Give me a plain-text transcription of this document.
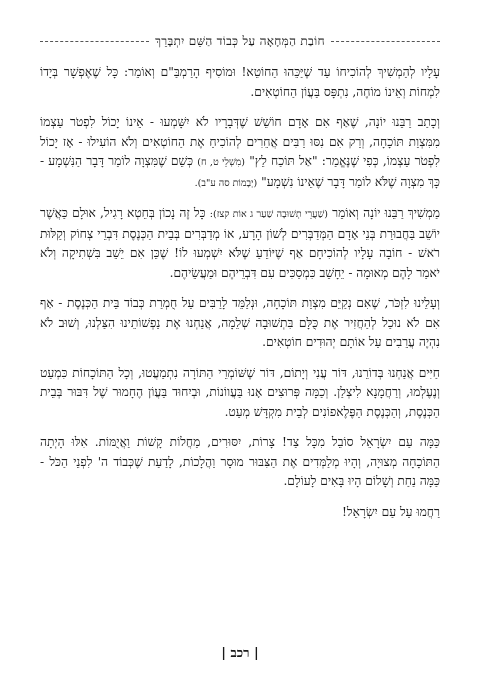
חוֹבַת הַמְּחָאָה עַל כְּבוֹד הַשֵּׁם יִתְבָּרֵךְ

עָלָיו לְהַמְשִׁיךְ לְהוֹכִיחוֹ עַד שֶׁיַּכֵּהוּ הַחוֹטֵא! וּמוֹסִיף הָרַמְבַּ"ם וְאוֹמֵר: כָּל שֶׁאֶפְשָׁר בְּיָדוֹ לִמְחוֹת וְאֵינוֹ מוֹחֶה, נִתְפָּס בַּעֲוֹן הַחוֹטְאִים.

וְכָתַב רַבֵּנוּ יוֹנָה, שֶׁאַף אִם אָדָם חוֹשֵׁשׁ שֶׁדְּבָרָיו לֹא יִשָּׁמְעוּ - אֵינוֹ יָכוֹל לִפְטֹר עַצְמוֹ מִמִּצְוַת תּוֹכָחָה, וְרַק אִם נִסּוּ רַבִּים אֲחֵרִים לְהוֹכִיחַ אֶת הַחוֹטְאִים וְלֹא הוֹעִילוּ - אָז יָכוֹל לִפְטֹר עַצְמוֹ, כְּפִי שֶׁנֶּאֱמַר: "אַל תּוֹכַח לֵץ" (מִשְׁלֵי ט, ח) כְּשֵׁם שֶׁמִּצְוָה לוֹמַר דָּבָר הַנִּשְׁמָע - כָּךְ מִצְוָה שֶׁלֹּא לוֹמַר דָּבָר שֶׁאֵינוֹ נִשְׁמָע" (יְבָמוֹת סה ע"ב).

מַמְשִׁיךְ רַבֵּנוּ יוֹנָה וְאוֹמֵר (שַׁעֲרֵי תְשׁוּבָה שַׁעַר ג אוֹת קצז): כָּל זֶה נָכוֹן בְּחֵטְא רָגִיל, אוּלָם כַּאֲשֶׁר יוֹשֵׁב בַּחֲבוּרַת בְּנֵי אָדָם הַמְּדַבְּרִים לְשׁוֹן הָרָע, אוֹ מְדַבְּרִים בְּבֵית הַכְּנֶסֶת דִּבְרֵי צְחוֹק וְקַלּוּת רֹאשׁ - חוֹבָה עָלָיו לְהוֹכִיחָם אַף שֶׁיּוֹדֵעַ שֶׁלֹּא יִשְׁמְעוּ לוֹ! שֶׁכֵּן אִם יֵשֵׁב בִּשְׁתִיקָה וְלֹא יֹאמַר לָהֶם מְאוּמָה - יֵחָשֵׁב כִּמְסַכִּים עִם דִּבְרֵיהֶם וּמַעֲשֵׂיהֶם.

וְעָלֵינוּ לִזְכֹּר, שֶׁאִם נְקַיֵּם מִצְוַת תּוֹכָחָה, וּנְלַמֵּד לָרַבִּים עַל חֻמְרַת כְּבוֹד בֵּית הַכְּנֶסֶת - אַף אִם לֹא נוּכַל לְהַחֲזִיר אֶת כֻּלָּם בִּתְשׁוּבָה שְׁלֵמָה, אֲנַחְנוּ אֶת נַפְשׁוֹתֵינוּ הִצַּלְנוּ, וְשׁוּב לֹא נִהְיֶה עֲרֵבִים עַל אוֹתָם יְהוּדִים חוֹטְאִים.

חַיִּים אֲנַחְנוּ בְּדוֹרֵנוּ, דּוֹר עֲנִי וְיָתוֹם, דּוֹר שֶׁשּׁוֹמְרֵי הַתּוֹרָה נִתְמַעֲטוּ, וְכָל הַתּוֹכָחוֹת כִּמְעַט וְנֶעֶלְמוּ, וְרַחֲמָנָא לִיצְלַן. וְכַמָּה פְּרוּצִים אָנוּ בַּעֲווֹנוֹת, וּבְיִחוּד בַּעֲוֹן הֶחָמוּר שֶׁל דִּבּוּר בְּבֵית הַכְּנֶסֶת, וְהַכְּנֶסֶת הַפֶּלֶאפוֹנִים לְבֵית מִקְדָּשׁ מְעַט.

כַּמָּה עַם יִשְׂרָאֵל סוֹבֵל מִכָּל צַד! צָרוֹת, יִסּוּרִים, מַחֲלוֹת קָשׁוֹת וַאֲיֻמּוֹת. אִלּוּ הָיְתָה הַתּוֹכָחָה מְצוּיָה, וְהָיוּ מְלַמְּדִים אֶת הַצִּבּוּר מוּסָר וַהֲלָכוֹת, לָדַעַת שֶׁכְּבוֹד ה' לִפְנֵי הַכֹּל - כַּמָּה נַחַת וְשָׁלוֹם הָיוּ בָּאִים לָעוֹלָם.

רַחֲמוּ עַל עַם יִשְׂרָאֵל!

| רכב |
